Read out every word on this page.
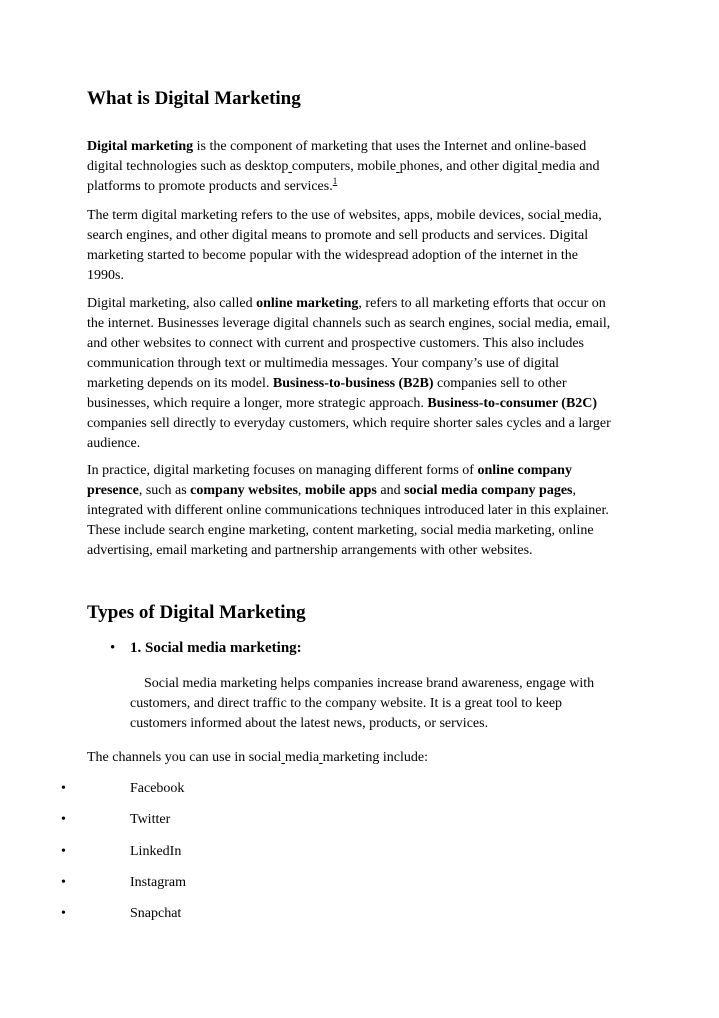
What is Digital Marketing
Digital marketing is the component of marketing that uses the Internet and online-based
digital technologies such as desktop computers, mobile phones, and other digital media and
platforms to promote products and services.$^1$
The term digital marketing refers to the use of websites, apps, mobile devices, social media,
search engines, and other digital means to promote and sell products and services. Digital
marketing started to become popular with the widespread adoption of the internet in the
1990s.
Digital marketing, also called online marketing, refers to all marketing efforts that occur on
the internet. Businesses leverage digital channels such as search engines, social media, email,
and other websites to connect with current and prospective customers. This also includes
communication through text or multimedia messages. Your company’s use of digital
marketing depends on its model. Business-to-business (B2B) companies sell to other
businesses, which require a longer, more strategic approach. Business-to-consumer (B2C)
companies sell directly to everyday customers, which require shorter sales cycles and a larger
audience.
In practice, digital marketing focuses on managing different forms of online company
presence, such as company websites, mobile apps and social media company pages,
integrated with different online communications techniques introduced later in this explainer.
These include search engine marketing, content marketing, social media marketing, online
advertising, email marketing and partnership arrangements with other websites.
Types of Digital Marketing
• 1. Social media marketing:
Social media marketing helps companies increase brand awareness, engage with
customers, and direct traffic to the company website. It is a great tool to keep
customers informed about the latest news, products, or services.
The channels you can use in social media marketing include:
•	Facebook
•	Twitter
•	LinkedIn
•	Instagram
•	Snapchat
